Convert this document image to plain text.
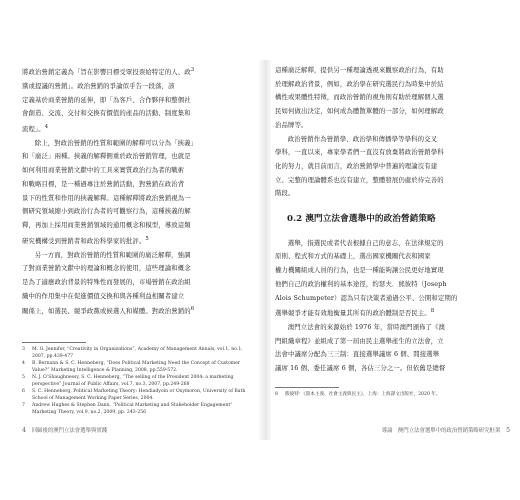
將政治營銷定義為「旨在影響目標受眾投票給特定的人、政$^3$
黨或提議的營銷」。政治營銷的爭論似乎告一段落，該
定義基於商業營銷的延伸，即「為客戶、合作夥伴和整個社
會創造、交流、交付和交換有價值的產品的活動、制度集和
流程」。$^4$

除上，對政治營銷的性質和範圍的解釋可以分為「挾義」
和「廣泛」兩種。挾義的解釋側重於政治營銷管理，也就是
如何利用商業營銷文獻中的工具來實質政治行為者的戰術
和戰略目標，是一種過專注於營銷活動，對營銷在政治背
景下的性質和作用的挾義解釋。這種解釋將政治營銷視為一
個研究領域縮小到政治行為者的可觀察行為，這種挾義的解
釋，再加上採用商業營銷領域的通用概念和模型，導致這類
研究機構受到營銷者和政治科學家的批評。$^5$

另一方面，對政治營銷的性質和範圍的廣泛解釋，強調
了對商業營銷文獻中的理論和概念的使用，這些理論和概念
是為了適應政治背景的特殊性而發展的，市場營銷在政治組
織中的作用集中在促進價值交換和與各種利益相關者建立
關係上，如選民、競爭政黨或候選人和媒體。對政治營銷的$^6$

3	M. G. Jennifer, “Creativity in Organizations”, Academy of Management Annals, vol.1, no.1, 2007, pp.439-477
4	B. Bernann & S. C. Henneberg, “Does Political Marketing Need the Concept of Customer Value?” Marketing Intelligence & Planning, 2008, pp.559-572.
5	N. J. O’Shaughnessy, S. C. Henneberg, “The selling of the President 2004: a marketing perspective” Journal of Public Affairs, vol.7, no.3, 2007, pp.249-268
6	S. C. Henneberg, Political Marketing Theory: Hendiadyoin or Oxymoron, University of Bath School of Management Working Paper Series, 2004.
7	Andrew Hughes & Stephen Dann, “Political Marketing and Stakeholder Engagement” Marketing Theory, vol.9, no.2, 2009, pp. 243-256
4 回歸後的澳門立法會選舉與實踐

這種廣泛解釋，提供另一種理論透視來觀察政治行為，有助
於理解政治背景，例如，政治學在研究選民行為時集中於結
構性或果體性特徵，而政治營銷的視角則有助於理解個人選
民如何做出決定，如何成為體散單體的一部分，如何理解政
治品牌等。

政治營銷作為營銷學、政治學和傳播學等學科的交叉
學科，一直以來，專家學者們一直沒有放棄將政治營銷學科
化的努力，就目前而言，政治營銷學中普遍的理論沒有建
立、完整的理論體系也沒有建立，整體發展仍處於待完善的
階段。

0.2 澳門立法會選舉中的政治營銷策略

選舉，指選民或者代表根據自己的意志，在法律規定的
原則、程式和方式的基礎上，選出國家機關代表和國家
權力機關組成人員的行為，也是一種能夠讓公民更好地實現
他們自己的政治權利的基本途徑，約瑟夫．熊彼特（Joseph
Alois Schumpeter）認為只有決策者通過公平、公開和定期的
選舉競爭才能有效地衡量其所有的政治體制是否民主。$^8$

澳門立法會的來源始於 1976 年，當時澳門頒佈了《澳
門組織章程》並組成了第一屆由民主選舉產生的立法會，立
法會中議席分配為三三制：直接選舉議席 6 個、間接選舉
議席 16 個、委任議席 6 個，各佔三分之一。但依舊是總督

8	熊彼特：《資本主義、社會主義與民主》，上海：上海譯文出版社，2020 年。
導論　澳門立法會選舉中的政治營銷策略研究框架 5
